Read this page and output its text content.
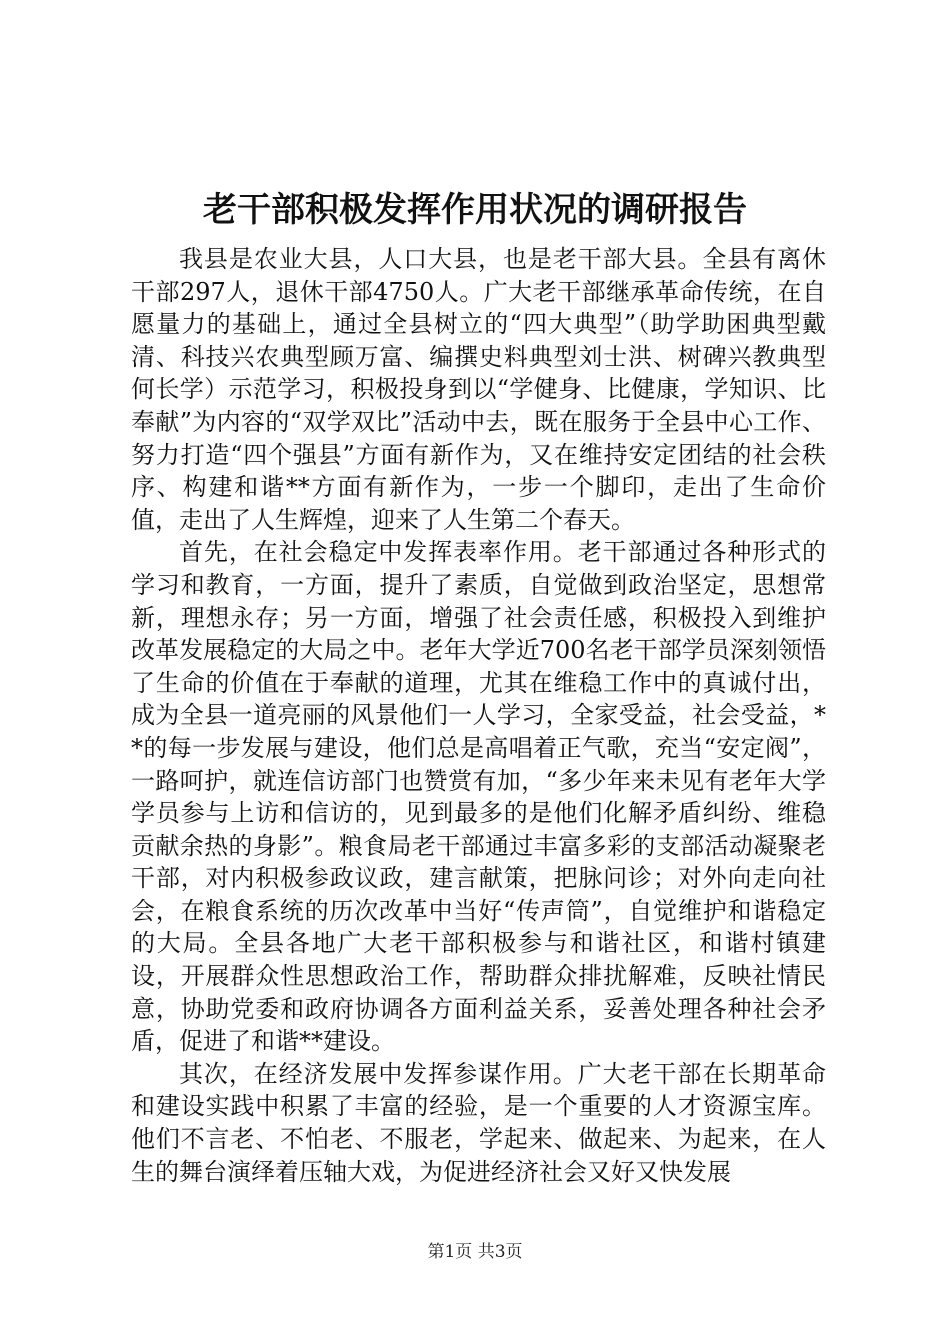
老干部积极发挥作用状况的调研报告

我县是农业大县，人口大县，也是老干部大县。全县有离休干部297人，退休干部4750人。广大老干部继承革命传统，在自愿量力的基础上，通过全县树立的“四大典型”（助学助困典型戴清、科技兴农典型顾万富、编撰史料典型刘士洪、树碑兴教典型何长学）示范学习，积极投身到以“学健身、比健康，学知识、比奉献”为内容的“双学双比”活动中去，既在服务于全县中心工作、努力打造“四个强县”方面有新作为，又在维持安定团结的社会秩序、构建和谐**方面有新作为，一步一个脚印，走出了生命价值，走出了人生辉煌，迎来了人生第二个春天。

首先，在社会稳定中发挥表率作用。老干部通过各种形式的学习和教育，一方面，提升了素质，自觉做到政治坚定，思想常新，理想永存；另一方面，增强了社会责任感，积极投入到维护改革发展稳定的大局之中。老年大学近700名老干部学员深刻领悟了生命的价值在于奉献的道理，尤其在维稳工作中的真诚付出，成为全县一道亮丽的风景他们一人学习，全家受益，社会受益，**的每一步发展与建设，他们总是高唱着正气歌，充当“安定阀”，一路呵护，就连信访部门也赞赏有加，“多少年来未见有老年大学学员参与上访和信访的，见到最多的是他们化解矛盾纠纷、维稳贡献余热的身影”。粮食局老干部通过丰富多彩的支部活动凝聚老干部，对内积极参政议政，建言献策，把脉问诊；对外向走向社会，在粮食系统的历次改革中当好“传声筒”，自觉维护和谐稳定的大局。全县各地广大老干部积极参与和谐社区，和谐村镇建设，开展群众性思想政治工作，帮助群众排扰解难，反映社情民意，协助党委和政府协调各方面利益关系，妥善处理各种社会矛盾，促进了和谐**建设。

其次，在经济发展中发挥参谋作用。广大老干部在长期革命和建设实践中积累了丰富的经验，是一个重要的人才资源宝库。他们不言老、不怕老、不服老，学起来、做起来、为起来，在人生的舞台演绎着压轴大戏，为促进经济社会又好又快发展

第1页 共3页
